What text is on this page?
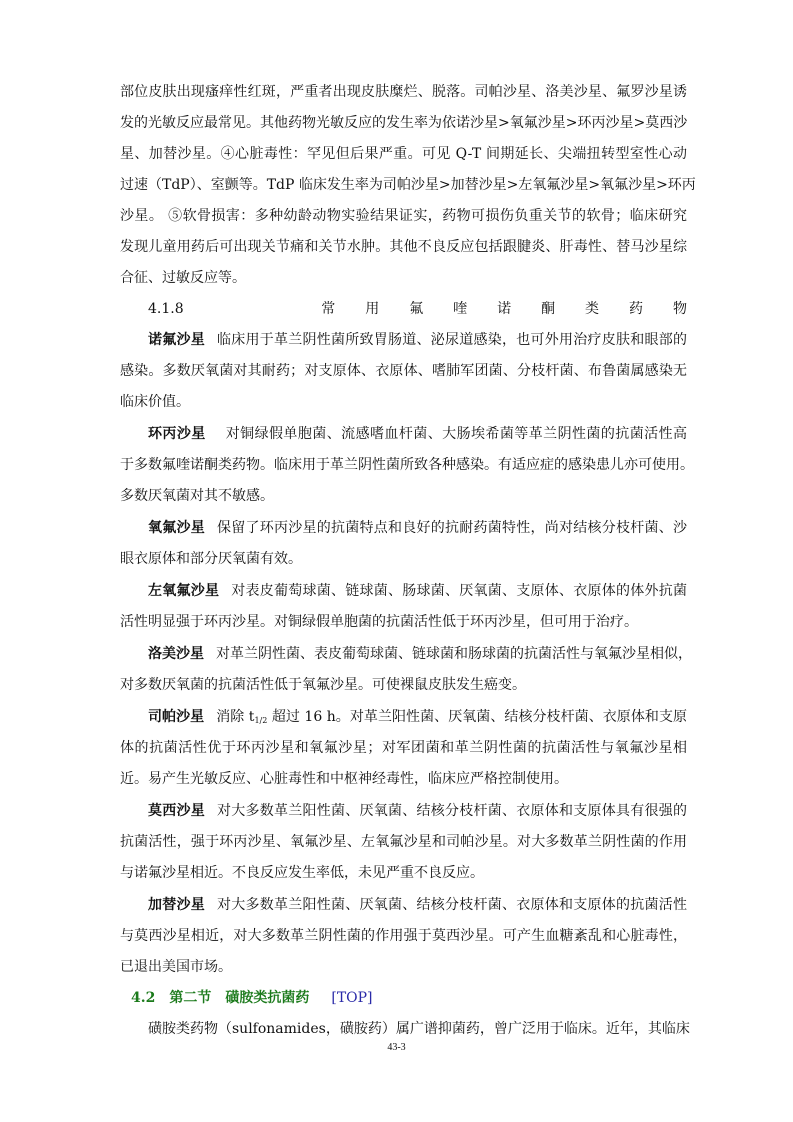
部位皮肤出现瘙痒性红斑，严重者出现皮肤糜烂、脱落。司帕沙星、洛美沙星、氟罗沙星诱
发的光敏反应最常见。其他药物光敏反应的发生率为依诺沙星>氧氟沙星>环丙沙星>莫西沙
星、加替沙星。④心脏毒性：罕见但后果严重。可见 Q-T 间期延长、尖端扭转型室性心动
过速（TdP）、室颤等。TdP 临床发生率为司帕沙星>加替沙星>左氧氟沙星>氧氟沙星>环丙
沙星。 ⑤软骨损害：多种幼龄动物实验结果证实，药物可损伤负重关节的软骨；临床研究
发现儿童用药后可出现关节痛和关节水肿。其他不良反应包括跟腱炎、肝毒性、替马沙星综
合征、过敏反应等。
4.1.8	常用氟喹诺酮类药物
诺氟沙星 临床用于革兰阴性菌所致胃肠道、泌尿道感染，也可外用治疗皮肤和眼部的
感染。多数厌氧菌对其耐药；对支原体、衣原体、嗜肺军团菌、分枝杆菌、布鲁菌属感染无
临床价值。
环丙沙星 对铜绿假单胞菌、流感嗜血杆菌、大肠埃希菌等革兰阴性菌的抗菌活性高
于多数氟喹诺酮类药物。临床用于革兰阴性菌所致各种感染。有适应症的感染患儿亦可使用。
多数厌氧菌对其不敏感。
氧氟沙星 保留了环丙沙星的抗菌特点和良好的抗耐药菌特性，尚对结核分枝杆菌、沙
眼衣原体和部分厌氧菌有效。
左氧氟沙星 对表皮葡萄球菌、链球菌、肠球菌、厌氧菌、支原体、衣原体的体外抗菌
活性明显强于环丙沙星。对铜绿假单胞菌的抗菌活性低于环丙沙星，但可用于治疗。
洛美沙星 对革兰阴性菌、表皮葡萄球菌、链球菌和肠球菌的抗菌活性与氧氟沙星相似，
对多数厌氧菌的抗菌活性低于氧氟沙星。可使裸鼠皮肤发生癌变。
司帕沙星 消除 $t_{1/2}$ 超过 16 h。对革兰阳性菌、厌氧菌、结核分枝杆菌、衣原体和支原
体的抗菌活性优于环丙沙星和氧氟沙星；对军团菌和革兰阴性菌的抗菌活性与氧氟沙星相
近。易产生光敏反应、心脏毒性和中枢神经毒性，临床应严格控制使用。
莫西沙星 对大多数革兰阳性菌、厌氧菌、结核分枝杆菌、衣原体和支原体具有很强的
抗菌活性，强于环丙沙星、氧氟沙星、左氧氟沙星和司帕沙星。对大多数革兰阴性菌的作用
与诺氟沙星相近。不良反应发生率低，未见严重不良反应。
加替沙星 对大多数革兰阳性菌、厌氧菌、结核分枝杆菌、衣原体和支原体的抗菌活性
与莫西沙星相近，对大多数革兰阴性菌的作用强于莫西沙星。可产生血糖紊乱和心脏毒性，
已退出美国市场。
4.2 第二节 磺胺类抗菌药 [TOP]
磺胺类药物（sulfonamides，磺胺药）属广谱抑菌药，曾广泛用于临床。近年，其临床
43-3
